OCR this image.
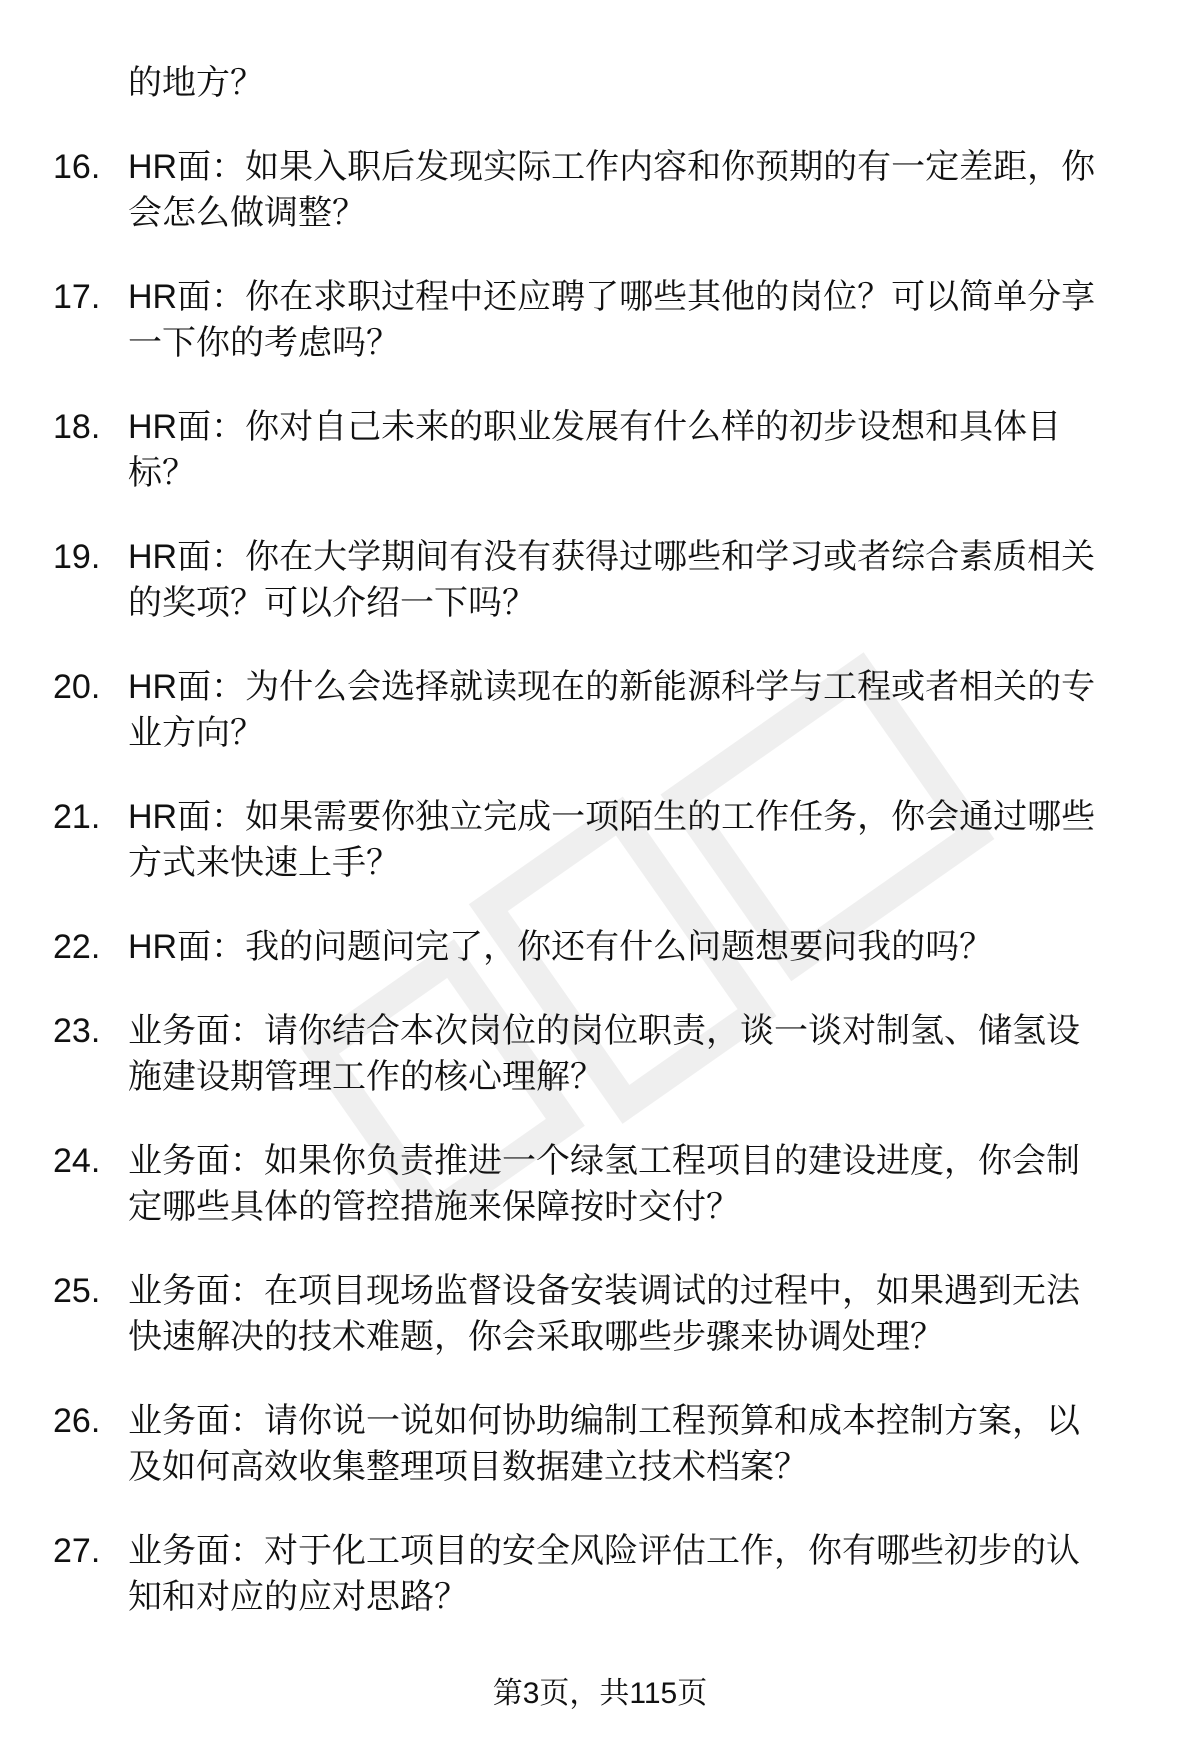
的地方？
16. HR面：如果入职后发现实际工作内容和你预期的有一定差距，你
会怎么做调整？
17. HR面：你在求职过程中还应聘了哪些其他的岗位？可以简单分享
一下你的考虑吗？
18. HR面：你对自己未来的职业发展有什么样的初步设想和具体目
标？
19. HR面：你在大学期间有没有获得过哪些和学习或者综合素质相关
的奖项？可以介绍一下吗？
20. HR面：为什么会选择就读现在的新能源科学与工程或者相关的专
业方向？
21. HR面：如果需要你独立完成一项陌生的工作任务，你会通过哪些
方式来快速上手？
22. HR面：我的问题问完了，你还有什么问题想要问我的吗？
23. 业务面：请你结合本次岗位的岗位职责，谈一谈对制氢、储氢设
施建设期管理工作的核心理解？
24. 业务面：如果你负责推进一个绿氢工程项目的建设进度，你会制
定哪些具体的管控措施来保障按时交付？
25. 业务面：在项目现场监督设备安装调试的过程中，如果遇到无法
快速解决的技术难题，你会采取哪些步骤来协调处理？
26. 业务面：请你说一说如何协助编制工程预算和成本控制方案，以
及如何高效收集整理项目数据建立技术档案？
27. 业务面：对于化工项目的安全风险评估工作，你有哪些初步的认
知和对应的应对思路？
第3页，共115页
